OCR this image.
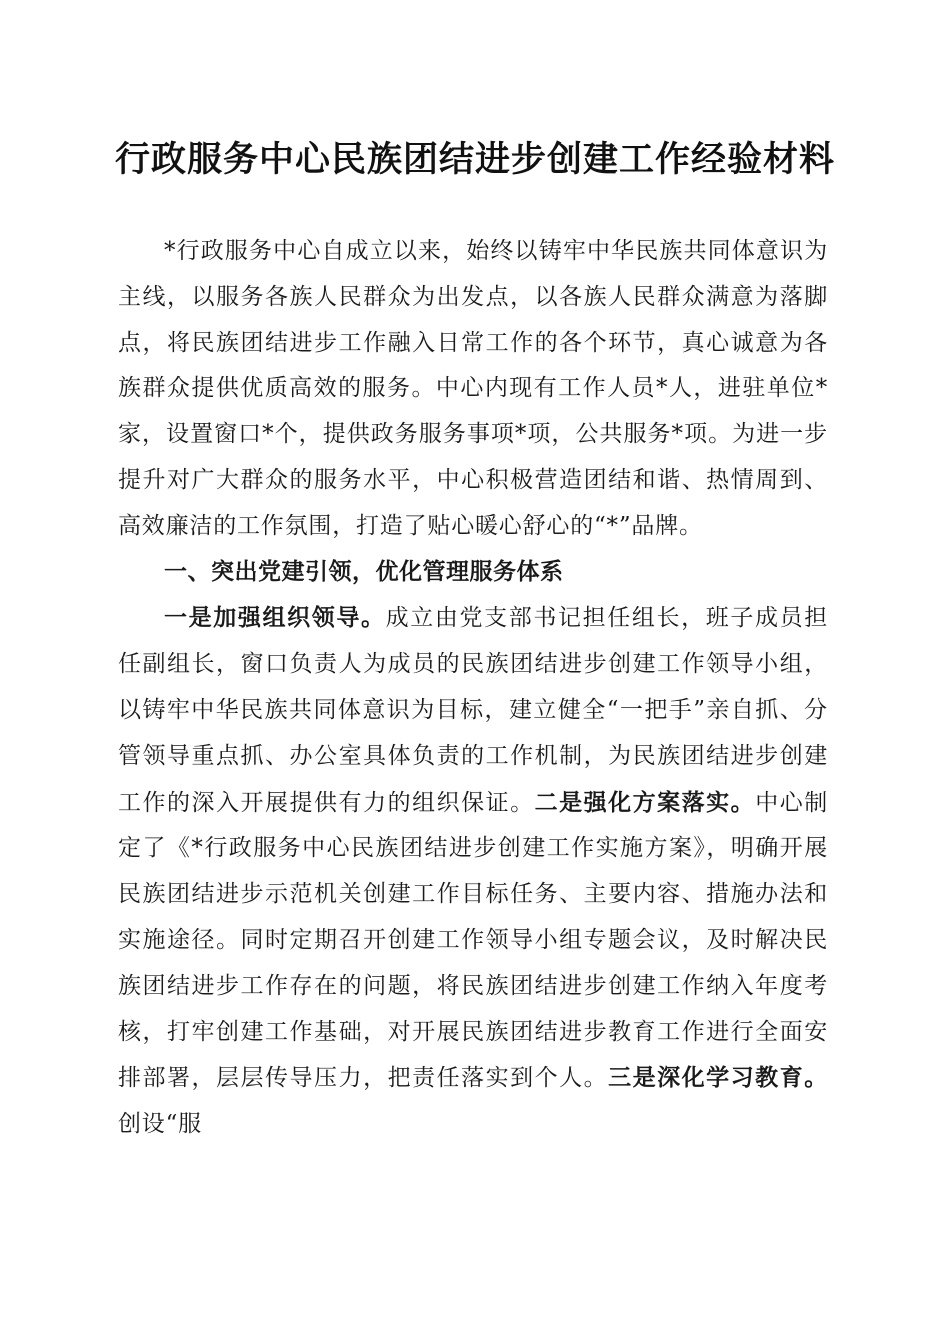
行政服务中心民族团结进步创建工作经验材料

*行政服务中心自成立以来，始终以铸牢中华民族共同体意识为主线，以服务各族人民群众为出发点，以各族人民群众满意为落脚点，将民族团结进步工作融入日常工作的各个环节，真心诚意为各族群众提供优质高效的服务。中心内现有工作人员*人，进驻单位*家，设置窗口*个，提供政务服务事项*项，公共服务*项。为进一步提升对广大群众的服务水平，中心积极营造团结和谐、热情周到、高效廉洁的工作氛围，打造了贴心暖心舒心的“*”品牌。

一、突出党建引领，优化管理服务体系

一是加强组织领导。成立由党支部书记担任组长，班子成员担任副组长，窗口负责人为成员的民族团结进步创建工作领导小组，以铸牢中华民族共同体意识为目标，建立健全“一把手”亲自抓、分管领导重点抓、办公室具体负责的工作机制，为民族团结进步创建工作的深入开展提供有力的组织保证。二是强化方案落实。中心制定了《*行政服务中心民族团结进步创建工作实施方案》，明确开展民族团结进步示范机关创建工作目标任务、主要内容、措施办法和实施途径。同时定期召开创建工作领导小组专题会议，及时解决民族团结进步工作存在的问题，将民族团结进步创建工作纳入年度考核，打牢创建工作基础，对开展民族团结进步教育工作进行全面安排部署，层层传导压力，把责任落实到个人。三是深化学习教育。创设“服
